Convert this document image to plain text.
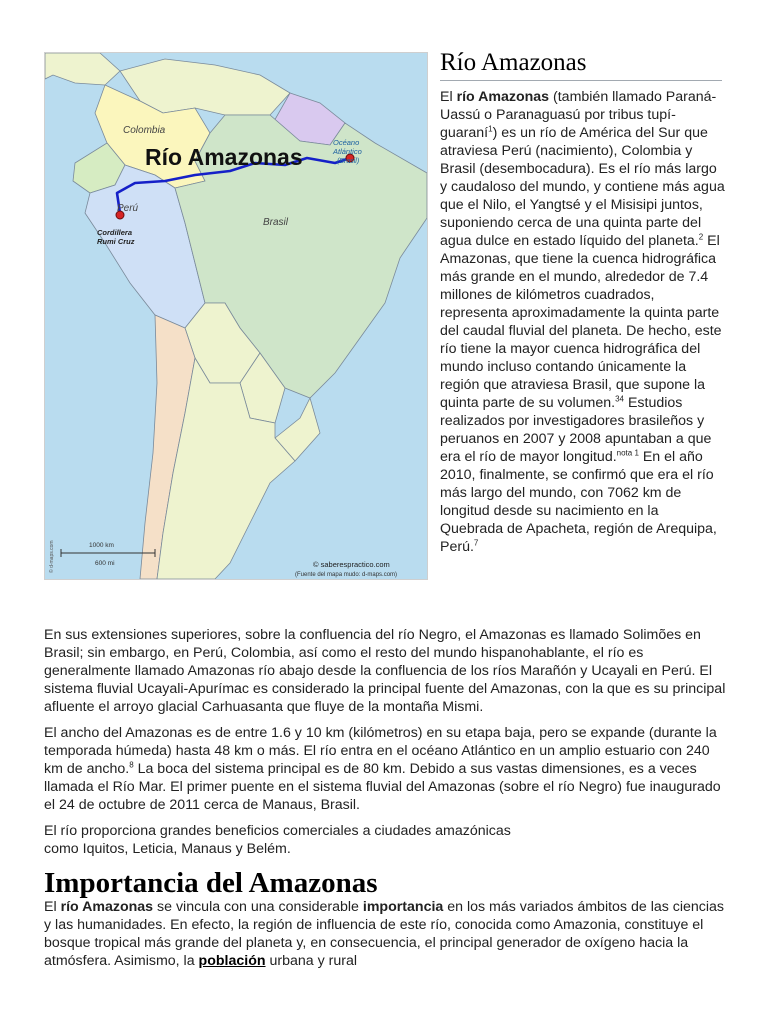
Río Amazonas
Colombia
Perú
Brasil
Océano
Atlántico
(Brasil)
Cordillera
Rumi Cruz
1000 km
600 mi
© d-maps.com	© saberespractico.com
(Fuente del mapa mudo: d-maps.com)
Río Amazonas

El río Amazonas (también llamado Paraná-Uassú o Paranaguasú por tribus tupí-guaraní$^1$) es un río de América del Sur que atraviesa Perú (nacimiento), Colombia y Brasil (desembocadura). Es el río más largo y caudaloso del mundo, y contiene más agua que el Nilo, el Yangtsé y el Misisipi juntos, suponiendo cerca de una quinta parte del agua dulce en estado líquido del planeta.$^2$ El Amazonas, que tiene la cuenca hidrográfica más grande en el mundo, alrededor de 7.4 millones de kilómetros cuadrados, representa aproximadamente la quinta parte del caudal fluvial del planeta. De hecho, este río tiene la mayor cuenca hidrográfica del mundo incluso contando únicamente la región que atraviesa Brasil, que supone la quinta parte de su volumen.$^{34}$ Estudios realizados por investigadores brasileños y peruanos en 2007 y 2008 apuntaban a que era el río de mayor longitud.$^{nota 1}$ En el año 2010, finalmente, se confirmó que era el río más largo del mundo, con 7062 km de longitud desde su nacimiento en la Quebrada de Apacheta, región de Arequipa, Perú.$^7$

En sus extensiones superiores, sobre la confluencia del río Negro, el Amazonas es llamado Solimões en Brasil; sin embargo, en Perú, Colombia, así como el resto del mundo hispanohablante, el río es generalmente llamado Amazonas río abajo desde la confluencia de los ríos Marañón y Ucayali en Perú. El sistema fluvial Ucayali-Apurímac es considerado la principal fuente del Amazonas, con la que es su principal afluente el arroyo glacial Carhuasanta que fluye de la montaña Mismi.

El ancho del Amazonas es de entre 1.6 y 10 km (kilómetros) en su etapa baja, pero se expande (durante la temporada húmeda) hasta 48 km o más. El río entra en el océano Atlántico en un amplio estuario con 240 km de ancho.$^8$ La boca del sistema principal es de 80 km. Debido a sus vastas dimensiones, es a veces llamada el Río Mar. El primer puente en el sistema fluvial del Amazonas (sobre el río Negro) fue inaugurado el 24 de octubre de 2011 cerca de Manaus, Brasil.

El río proporciona grandes beneficios comerciales a ciudades amazónicas como Iquitos, Leticia, Manaus y Belém.

Importancia del Amazonas

El río Amazonas se vincula con una considerable importancia en los más variados ámbitos de las ciencias y las humanidades. En efecto, la región de influencia de este río, conocida como Amazonia, constituye el bosque tropical más grande del planeta y, en consecuencia, el principal generador de oxígeno hacia la atmósfera. Asimismo, la población urbana y rural
